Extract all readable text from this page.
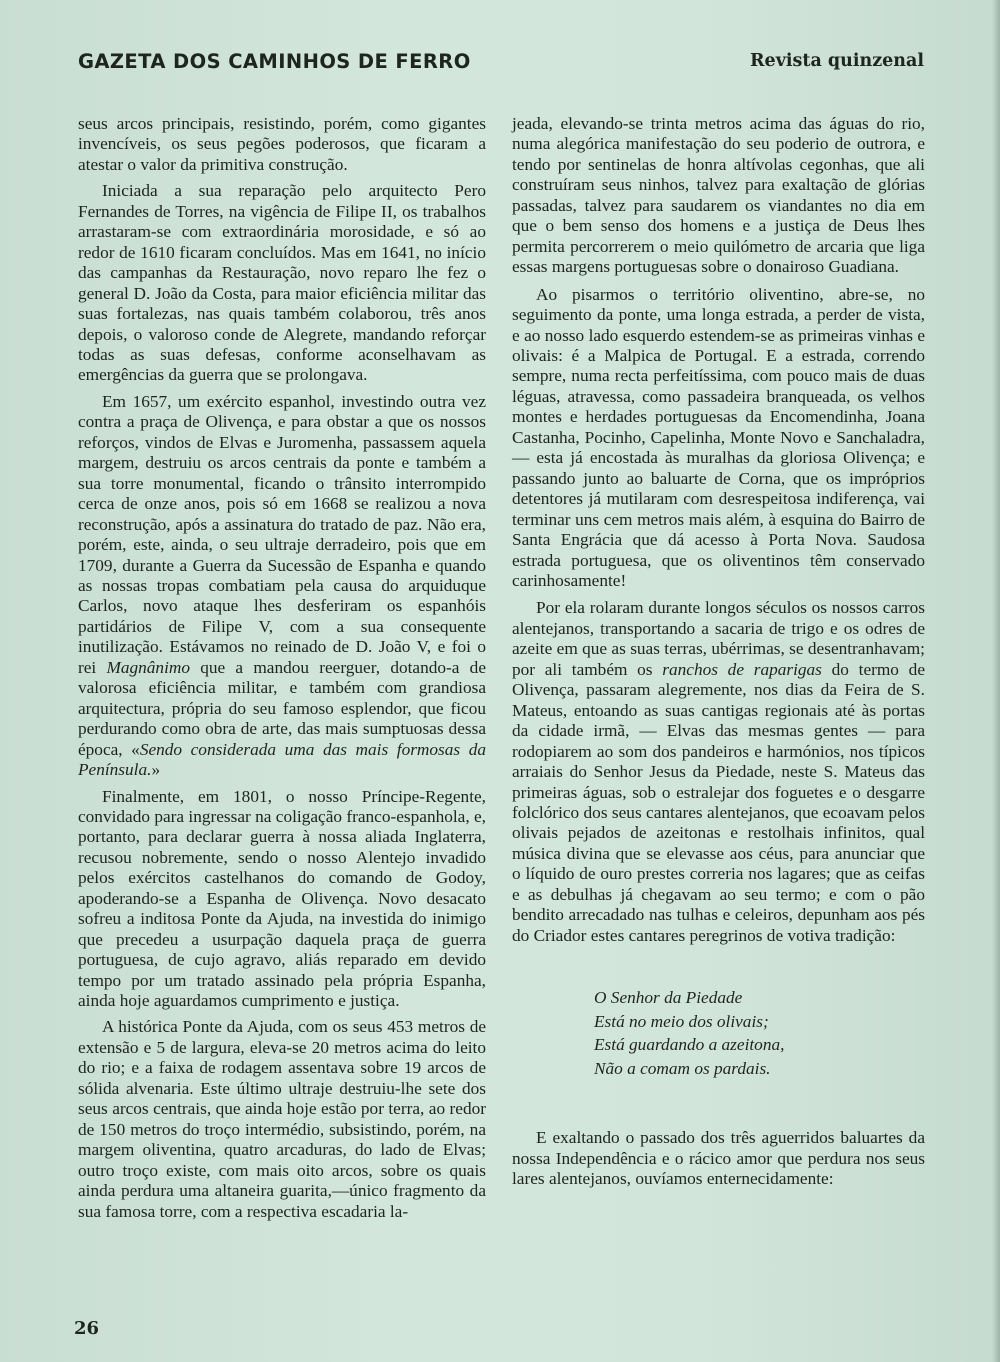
GAZETA DOS CAMINHOS DE FERRO	Revista quinzenal

seus arcos principais, resistindo, porém, como gigantes invencíveis, os seus pegões poderosos, que ficaram a atestar o valor da primitiva construção.

Iniciada a sua reparação pelo arquitecto Pero Fernandes de Torres, na vigência de Filipe II, os trabalhos arrastaram-se com extraordinária morosidade, e só ao redor de 1610 ficaram concluídos. Mas em 1641, no início das campanhas da Restauração, novo reparo lhe fez o general D. João da Costa, para maior eficiência militar das suas fortalezas, nas quais também colaborou, três anos depois, o valoroso conde de Alegrete, mandando reforçar todas as suas defesas, conforme aconselhavam as emergências da guerra que se prolongava.

Em 1657, um exército espanhol, investindo outra vez contra a praça de Olivença, e para obstar a que os nossos reforços, vindos de Elvas e Juromenha, passassem aquela margem, destruiu os arcos centrais da ponte e também a sua torre monumental, ficando o trânsito interrompido cerca de onze anos, pois só em 1668 se realizou a nova reconstrução, após a assinatura do tratado de paz. Não era, porém, este, ainda, o seu ultraje derradeiro, pois que em 1709, durante a Guerra da Sucessão de Espanha e quando as nossas tropas combatiam pela causa do arquiduque Carlos, novo ataque lhes desferiram os espanhóis partidários de Filipe V, com a sua consequente inutilização. Estávamos no reinado de D. João V, e foi o rei Magnânimo que a mandou reerguer, dotando-a de valorosa eficiência militar, e também com grandiosa arquitectura, própria do seu famoso esplendor, que ficou perdurando como obra de arte, das mais sumptuosas dessa época, «Sendo considerada uma das mais formosas da Península.»

Finalmente, em 1801, o nosso Príncipe-Regente, convidado para ingressar na coligação franco-espanhola, e, portanto, para declarar guerra à nossa aliada Inglaterra, recusou nobremente, sendo o nosso Alentejo invadido pelos exércitos castelhanos do comando de Godoy, apoderando-se a Espanha de Olivença. Novo desacato sofreu a inditosa Ponte da Ajuda, na investida do inimigo que precedeu a usurpação daquela praça de guerra portuguesa, de cujo agravo, aliás reparado em devido tempo por um tratado assinado pela própria Espanha, ainda hoje aguardamos cumprimento e justiça.

A histórica Ponte da Ajuda, com os seus 453 metros de extensão e 5 de largura, eleva-se 20 metros acima do leito do rio; e a faixa de rodagem assentava sobre 19 arcos de sólida alvenaria. Este último ultraje destruiu-lhe sete dos seus arcos centrais, que ainda hoje estão por terra, ao redor de 150 metros do troço intermédio, subsistindo, porém, na margem oliventina, quatro arcaduras, do lado de Elvas; outro troço existe, com mais oito arcos, sobre os quais ainda perdura uma altaneira guarita,—único fragmento da sua famosa torre, com a respectiva escadaria la-

jeada, elevando-se trinta metros acima das águas do rio, numa alegórica manifestação do seu poderio de outrora, e tendo por sentinelas de honra altívolas cegonhas, que ali construíram seus ninhos, talvez para exaltação de glórias passadas, talvez para saudarem os viandantes no dia em que o bem senso dos homens e a justiça de Deus lhes permita percorrerem o meio quilómetro de arcaria que liga essas margens portuguesas sobre o donairoso Guadiana.

Ao pisarmos o território oliventino, abre-se, no seguimento da ponte, uma longa estrada, a perder de vista, e ao nosso lado esquerdo estendem-se as primeiras vinhas e olivais: é a Malpica de Portugal. E a estrada, correndo sempre, numa recta perfeitíssima, com pouco mais de duas léguas, atravessa, como passadeira branqueada, os velhos montes e herdades portuguesas da Encomendinha, Joana Castanha, Pocinho, Capelinha, Monte Novo e Sanchaladra, — esta já encostada às muralhas da gloriosa Olivença; e passando junto ao baluarte de Corna, que os impróprios detentores já mutilaram com desrespeitosa indiferença, vai terminar uns cem metros mais além, à esquina do Bairro de Santa Engrácia que dá acesso à Porta Nova. Saudosa estrada portuguesa, que os oliventinos têm conservado carinhosamente!

Por ela rolaram durante longos séculos os nossos carros alentejanos, transportando a sacaria de trigo e os odres de azeite em que as suas terras, ubérrimas, se desentranhavam; por ali também os ranchos de raparigas do termo de Olivença, passaram alegremente, nos dias da Feira de S. Mateus, entoando as suas cantigas regionais até às portas da cidade irmã, — Elvas das mesmas gentes — para rodopiarem ao som dos pandeiros e harmónios, nos típicos arraiais do Senhor Jesus da Piedade, neste S. Mateus das primeiras águas, sob o estralejar dos foguetes e o desgarre folclórico dos seus cantares alentejanos, que ecoavam pelos olivais pejados de azeitonas e restolhais infinitos, qual música divina que se elevasse aos céus, para anunciar que o líquido de ouro prestes correria nos lagares; que as ceifas e as debulhas já chegavam ao seu termo; e com o pão bendito arrecadado nas tulhas e celeiros, depunham aos pés do Criador estes cantares peregrinos de votiva tradição:

O Senhor da Piedade
Está no meio dos olivais;
Está guardando a azeitona,
Não a comam os pardais.

E exaltando o passado dos três aguerridos baluartes da nossa Independência e o rácico amor que perdura nos seus lares alentejanos, ouvíamos enternecidamente:

26
